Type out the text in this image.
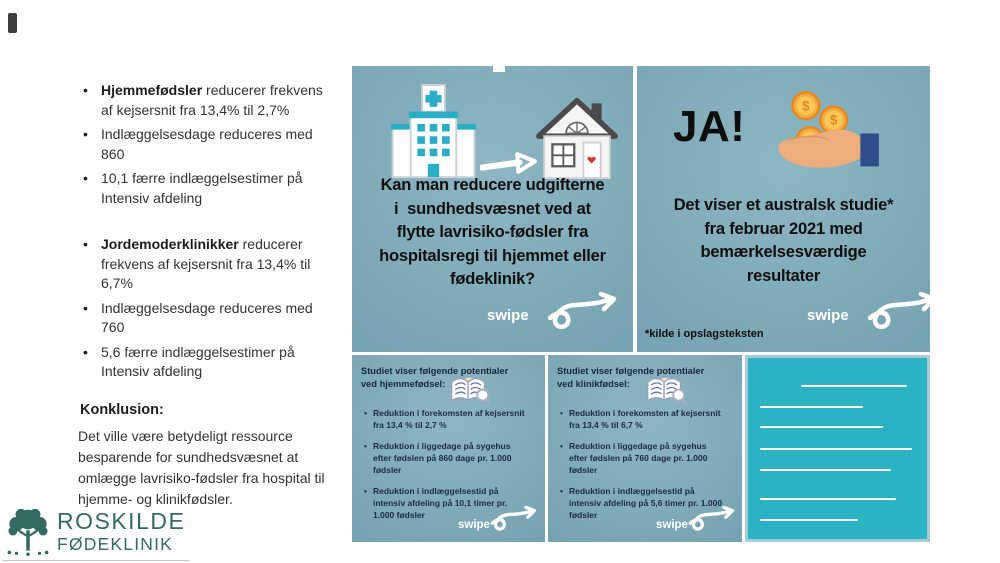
• Hjemmefødsler reducerer frekvens af kejsersnit fra 13,4% til 2,7%
• Indlæggelsesdage reduceres med 860
• 10,1 færre indlæggelsestimer på Intensiv afdeling
• Jordemoderklinikker reducerer frekvens af kejsersnit fra 13,4% til 6,7%
• Indlæggelsesdage reduceres med 760
• 5,6 færre indlæggelsestimer på Intensiv afdeling
Konklusion:
Det ville være betydeligt ressource besparende for sundhedsvæsnet at omlægge lavrisiko-fødsler fra hospital til hjemme- og klinikfødsler.
ROSKILDE
FØDEKLINIK
Kan man reducere udgifterne
i  sundhedsvæsnet ved at
flytte lavrisiko-fødsler fra
hospitalsregi til hjemmet eller
fødeklinik?
swipe
JA!	$
$
Det viser et australsk studie*
fra februar 2021 med
bemærkelsesværdige
resultater
swipe
*kilde i opslagsteksten
Studiet viser følgende potentialer
ved hjemmefødsel:
• Reduktion i forekomsten af kejsersnit fra 13,4 % til 2,7 %
• Reduktion i liggedage på sygehus efter fødslen på 860 dage pr. 1.000 fødsler
• Reduktion i indlæggelsestid på intensiv afdeling på 10,1 timer pr. 1.000 fødsler
swipe
Studiet viser følgende potentialer
ved klinikfødsel:
• Reduktion i forekomsten af kejsersnit fra 13,4 % til 6,7 %
• Reduktion i liggedage på sygehus efter fødslen på 760 dage pr. 1.000 fødsler
• Reduktion i indlæggelsestid på intensiv afdeling på 5,6 timer pr. 1.000 fødsler
swipe
